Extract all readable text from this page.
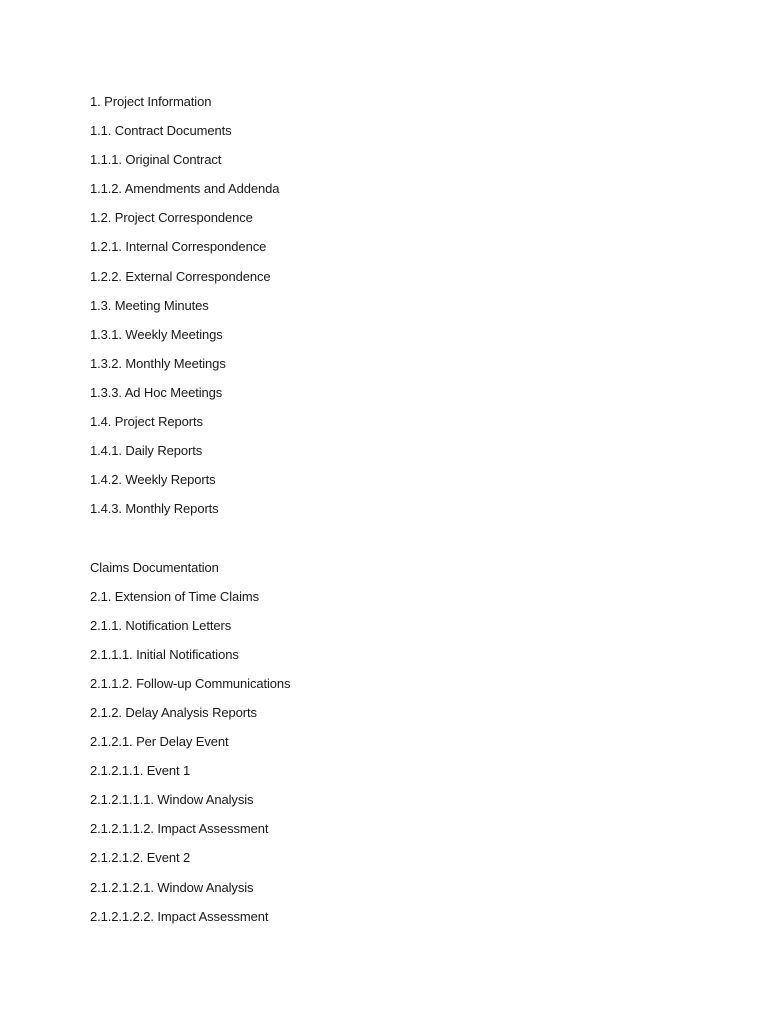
1. Project Information
1.1. Contract Documents
1.1.1. Original Contract
1.1.2. Amendments and Addenda
1.2. Project Correspondence
1.2.1. Internal Correspondence
1.2.2. External Correspondence
1.3. Meeting Minutes
1.3.1. Weekly Meetings
1.3.2. Monthly Meetings
1.3.3. Ad Hoc Meetings
1.4. Project Reports
1.4.1. Daily Reports
1.4.2. Weekly Reports
1.4.3. Monthly Reports
Claims Documentation
2.1. Extension of Time Claims
2.1.1. Notification Letters
2.1.1.1. Initial Notifications
2.1.1.2. Follow-up Communications
2.1.2. Delay Analysis Reports
2.1.2.1. Per Delay Event
2.1.2.1.1. Event 1
2.1.2.1.1.1. Window Analysis
2.1.2.1.1.2. Impact Assessment
2.1.2.1.2. Event 2
2.1.2.1.2.1. Window Analysis
2.1.2.1.2.2. Impact Assessment
